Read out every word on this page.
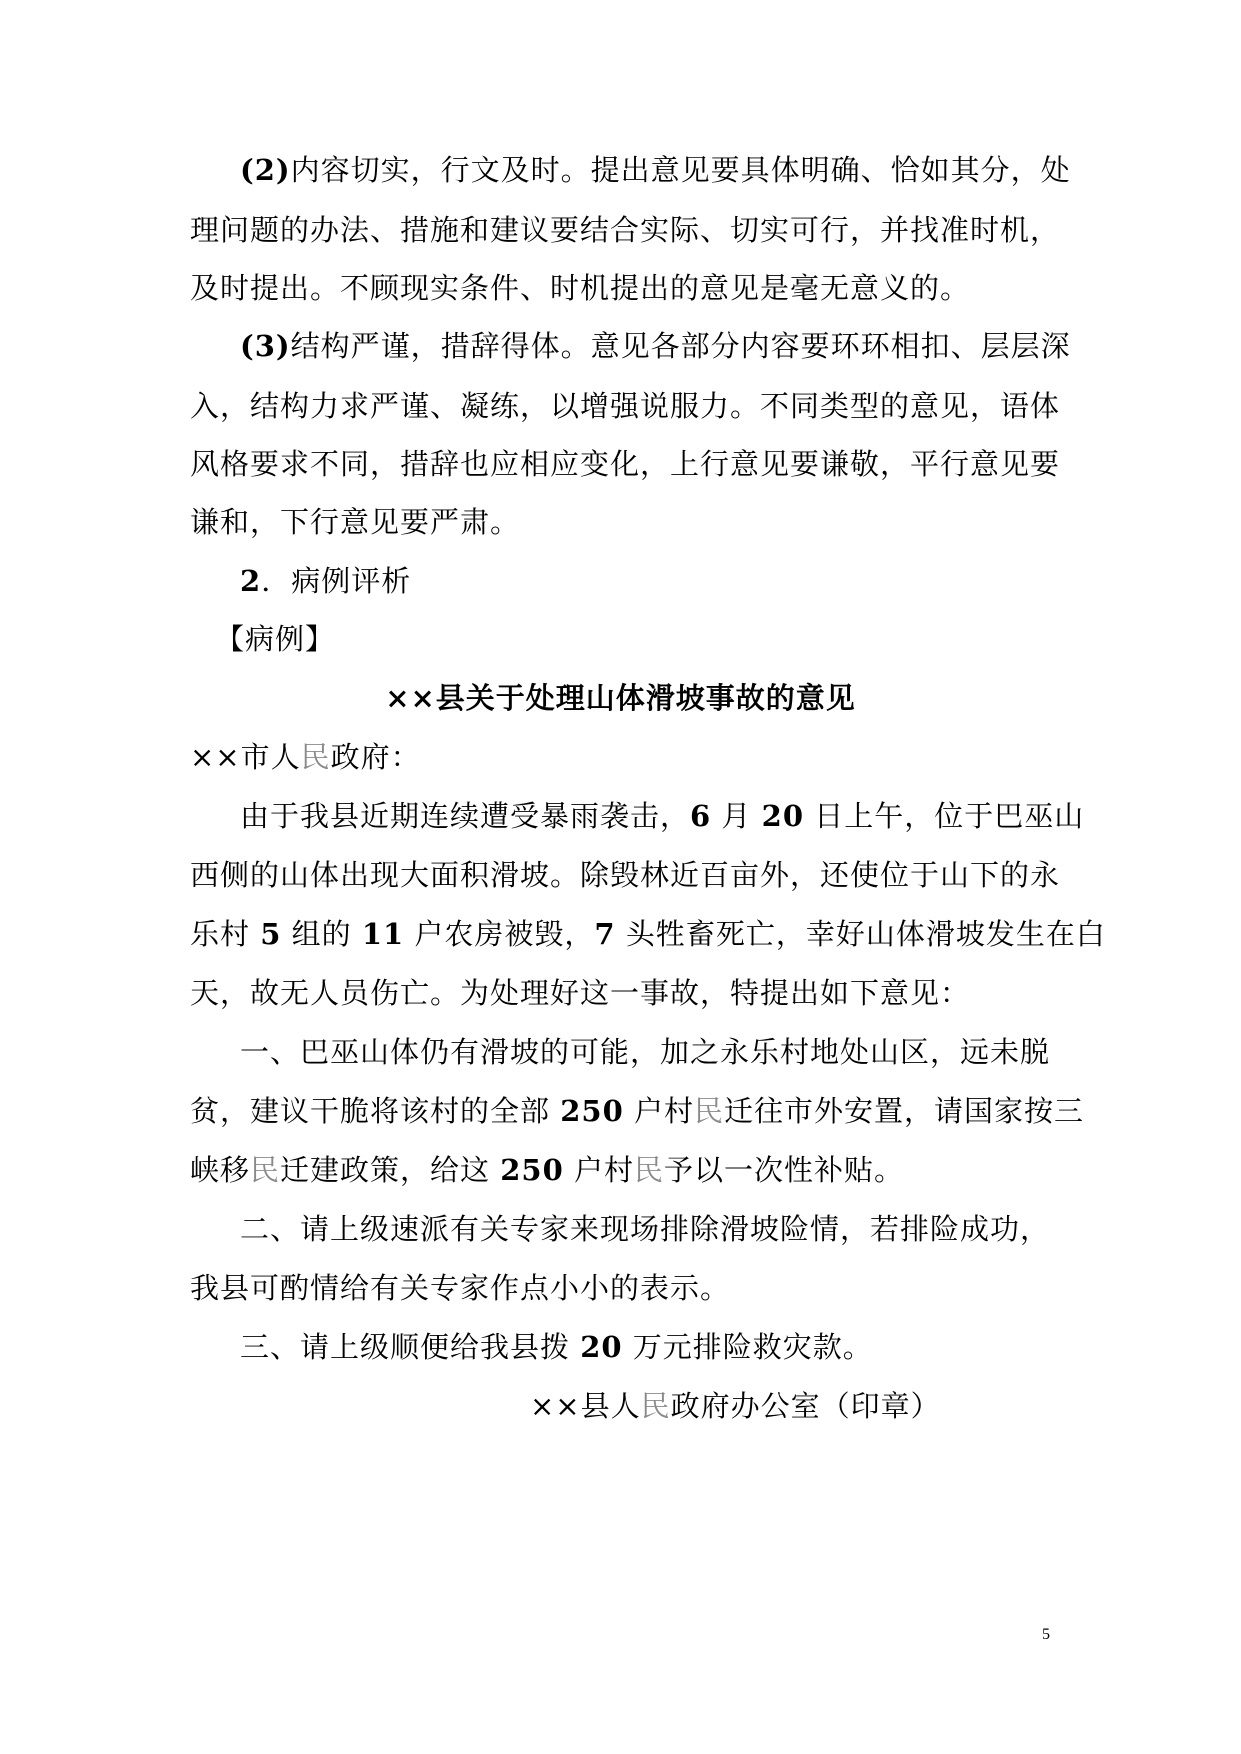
(2)内容切实，行文及时。提出意见要具体明确、恰如其分，处
理问题的办法、措施和建议要结合实际、切实可行，并找准时机，
及时提出。不顾现实条件、时机提出的意见是毫无意义的。
(3)结构严谨，措辞得体。意见各部分内容要环环相扣、层层深
入，结构力求严谨、凝练，以增强说服力。不同类型的意见，语体
风格要求不同，措辞也应相应变化，上行意见要谦敬，平行意见要
谦和，下行意见要严肃。
2．病例评析
【病例】
××县关于处理山体滑坡事故的意见
××市人民政府：
由于我县近期连续遭受暴雨袭击，6 月 20 日上午，位于巴巫山
西侧的山体出现大面积滑坡。除毁林近百亩外，还使位于山下的永
乐村 5 组的 11 户农房被毁，7 头牲畜死亡，幸好山体滑坡发生在白
天，故无人员伤亡。为处理好这一事故，特提出如下意见：
一、巴巫山体仍有滑坡的可能，加之永乐村地处山区，远未脱
贫，建议干脆将该村的全部 250 户村民迁往市外安置，请国家按三
峡移民迁建政策，给这 250 户村民予以一次性补贴。
二、请上级速派有关专家来现场排除滑坡险情，若排险成功，
我县可酌情给有关专家作点小小的表示。
三、请上级顺便给我县拨 20 万元排险救灾款。
××县人民政府办公室（印章）
5
